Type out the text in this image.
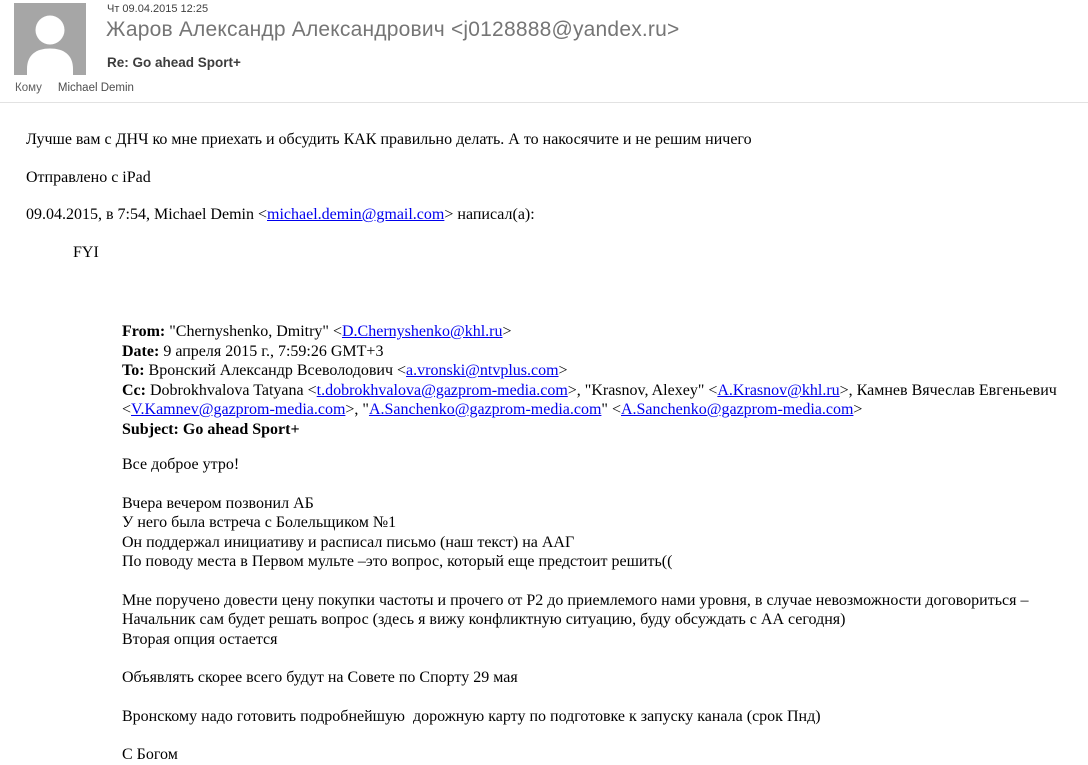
Чт 09.04.2015 12:25
Жаров Александр Александрович <j0128888@yandex.ru>
Re: Go ahead Sport+
Кому Michael Demin
Лучше вам с ДНЧ ко мне приехать и обсудить КАК правильно делать. А то накосячите и не решим ничего
Отправлено с iPad
09.04.2015, в 7:54, Michael Demin <michael.demin@gmail.com> написал(а):
FYI
From: "Chernyshenko, Dmitry" <D.Chernyshenko@khl.ru>
Date: 9 апреля 2015 г., 7:59:26 GMT+3
To: Вронский Александр Всеволодович <a.vronski@ntvplus.com>
Cc: Dobrokhvalova Tatyana <t.dobrokhvalova@gazprom-media.com>, "Krasnov, Alexey" <A.Krasnov@khl.ru>, Камнев Вячеслав Евгеньевич
<V.Kamnev@gazprom-media.com>, "A.Sanchenko@gazprom-media.com" <A.Sanchenko@gazprom-media.com>
Subject: Go ahead Sport+
Все доброе утро!
Вчера вечером позвонил АБ
У него была встреча с Болельщиком №1
Он поддержал инициативу и расписал письмо (наш текст) на ААГ
По поводу места в Первом мульте –это вопрос, который еще предстоит решить((
Мне поручено довести цену покупки частоты и прочего от Р2 до приемлемого нами уровня, в случае невозможности договориться –
Начальник сам будет решать вопрос (здесь я вижу конфликтную ситуацию, буду обсуждать с АА сегодня)
Вторая опция остается
Объявлять скорее всего будут на Совете по Спорту 29 мая
Вронскому надо готовить подробнейшую  дорожную карту по подготовке к запуску канала (срок Пнд)
С Богом
